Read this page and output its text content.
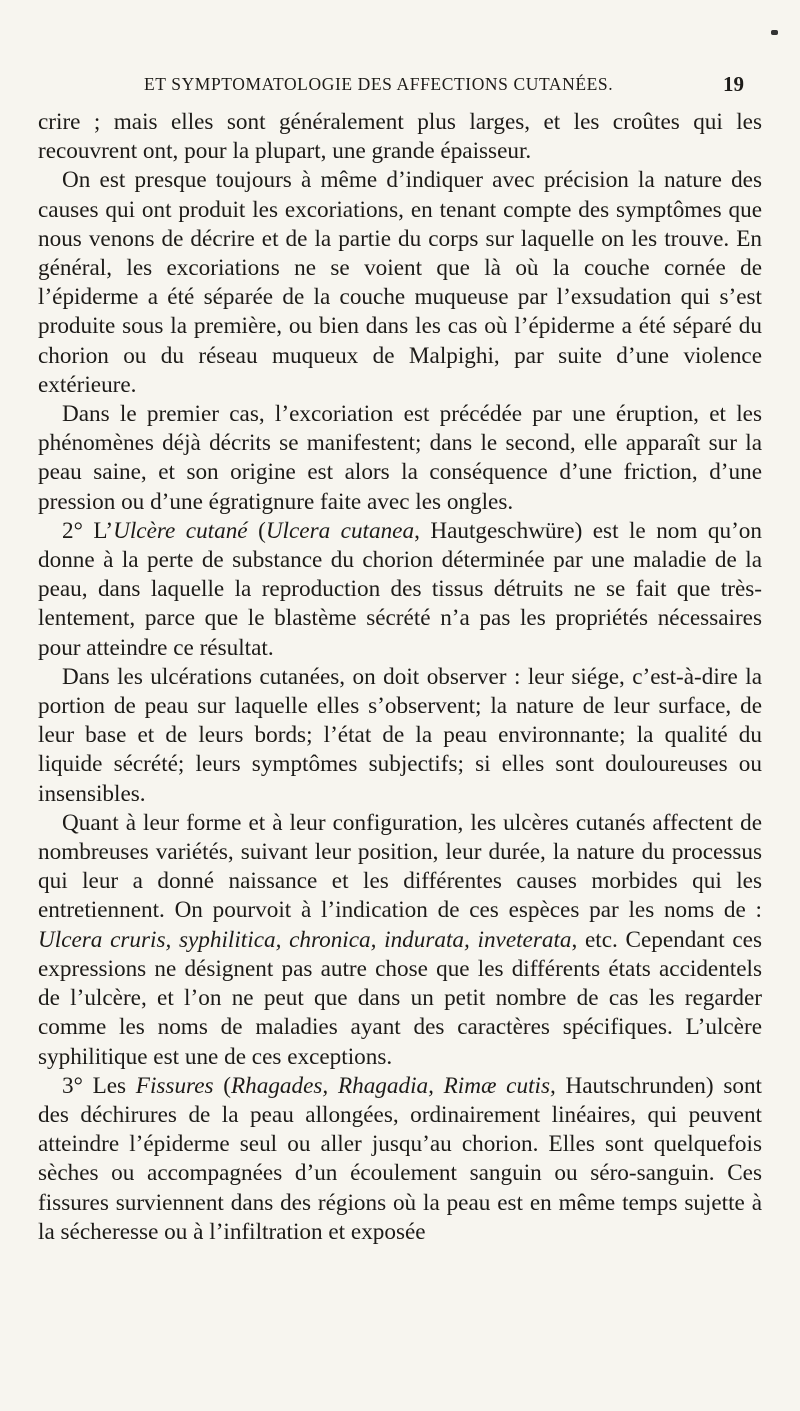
ET SYMPTOMATOLOGIE DES AFFECTIONS CUTANÉES.	19

crire ; mais elles sont généralement plus larges, et les croûtes qui les recouvrent ont, pour la plupart, une grande épaisseur.

On est presque toujours à même d’indiquer avec précision la nature des causes qui ont produit les excoriations, en tenant compte des symptômes que nous venons de décrire et de la partie du corps sur laquelle on les trouve. En général, les excoriations ne se voient que là où la couche cornée de l’épiderme a été séparée de la couche muqueuse par l’exsudation qui s’est produite sous la première, ou bien dans les cas où l’épiderme a été séparé du chorion ou du réseau muqueux de Malpighi, par suite d’une violence extérieure.

Dans le premier cas, l’excoriation est précédée par une éruption, et les phénomènes déjà décrits se manifestent; dans le second, elle apparaît sur la peau saine, et son origine est alors la conséquence d’une friction, d’une pression ou d’une égratignure faite avec les ongles.

2° L’Ulcère cutané (Ulcera cutanea, Hautgeschwüre) est le nom qu’on donne à la perte de substance du chorion déterminée par une maladie de la peau, dans laquelle la reproduction des tissus détruits ne se fait que très-lentement, parce que le blastème sécrété n’a pas les propriétés nécessaires pour atteindre ce résultat.

Dans les ulcérations cutanées, on doit observer : leur siége, c’est-à-dire la portion de peau sur laquelle elles s’observent; la nature de leur surface, de leur base et de leurs bords; l’état de la peau environnante; la qualité du liquide sécrété; leurs symptômes subjectifs; si elles sont douloureuses ou insensibles.

Quant à leur forme et à leur configuration, les ulcères cutanés affectent de nombreuses variétés, suivant leur position, leur durée, la nature du processus qui leur a donné naissance et les différentes causes morbides qui les entretiennent. On pourvoit à l’indication de ces espèces par les noms de : Ulcera cruris, syphilitica, chronica, indurata, inveterata, etc. Cependant ces expressions ne désignent pas autre chose que les différents états accidentels de l’ulcère, et l’on ne peut que dans un petit nombre de cas les regarder comme les noms de maladies ayant des caractères spécifiques. L’ulcère syphilitique est une de ces exceptions.

3° Les Fissures (Rhagades, Rhagadia, Rimæ cutis, Hautschrunden) sont des déchirures de la peau allongées, ordinairement linéaires, qui peuvent atteindre l’épiderme seul ou aller jusqu’au chorion. Elles sont quelquefois sèches ou accompagnées d’un écoulement sanguin ou séro-sanguin. Ces fissures surviennent dans des régions où la peau est en même temps sujette à la sécheresse ou à l’infiltration et exposée
